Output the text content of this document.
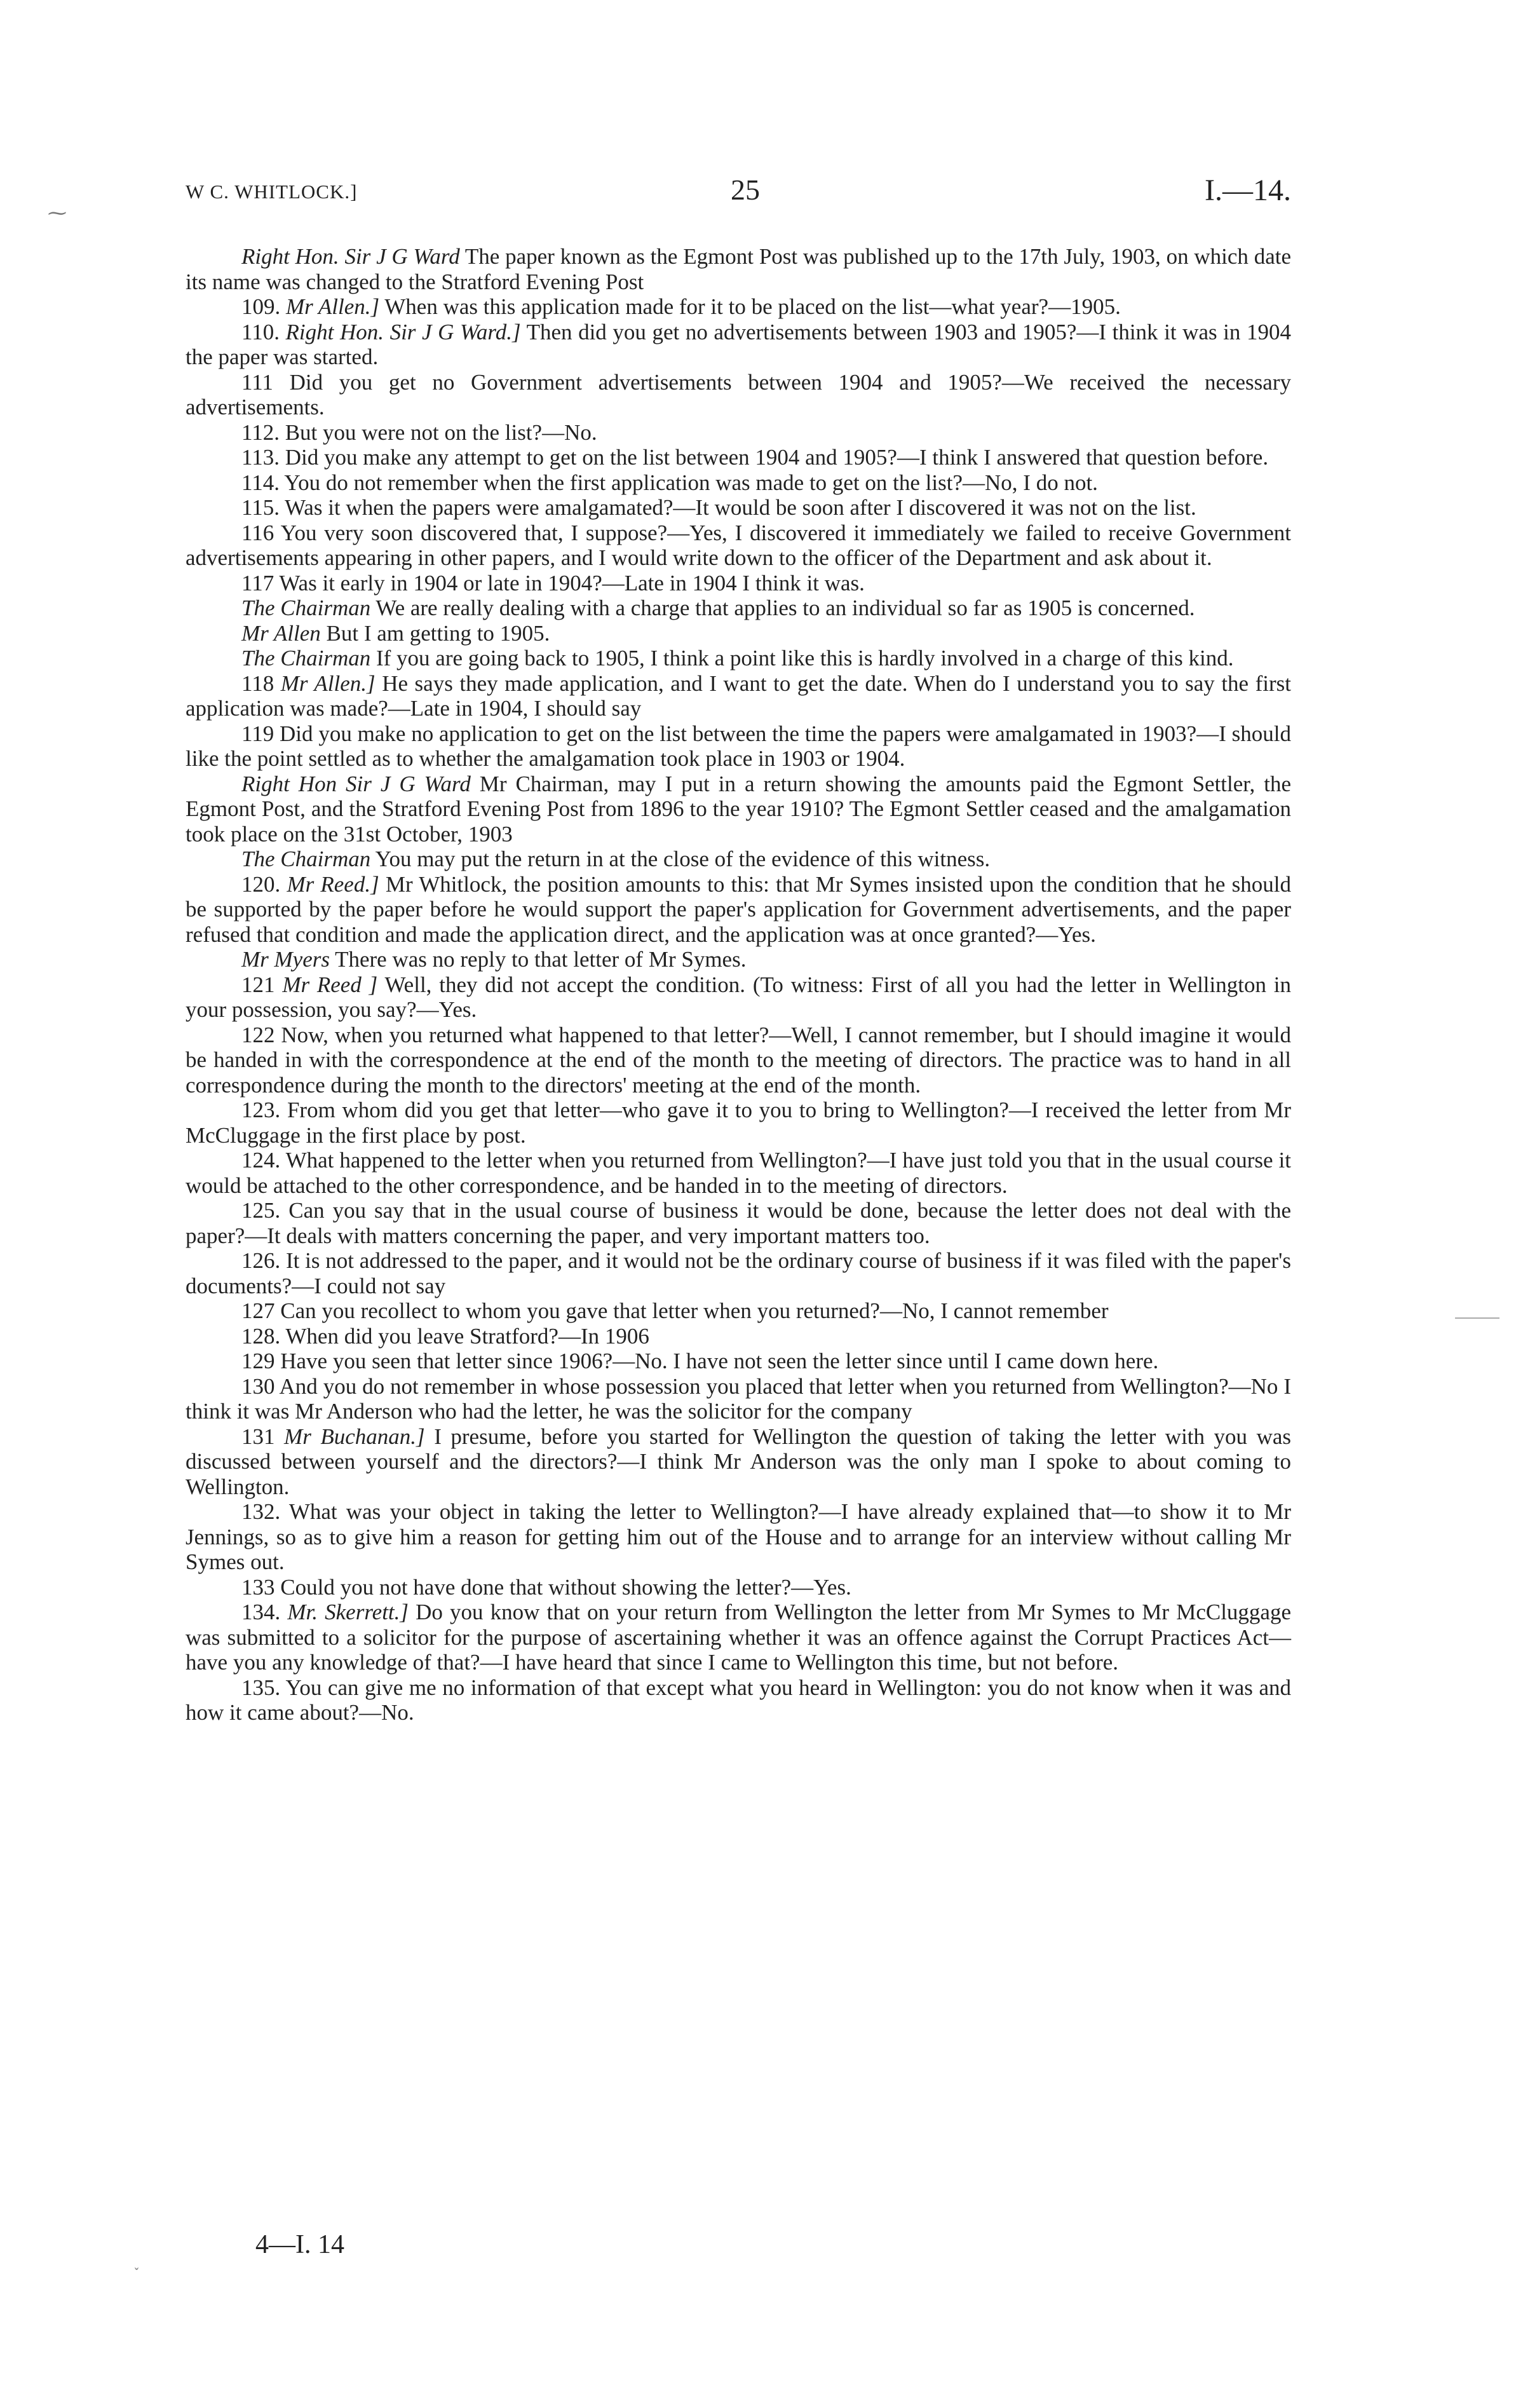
W C. WHITLOCK.]	25	I.—14.

Right Hon. Sir J G Ward The paper known as the Egmont Post was published up to the 17th July, 1903, on which date its name was changed to the Stratford Evening Post

109. Mr Allen.] When was this application made for it to be placed on the list—what year?—1905.

110. Right Hon. Sir J G Ward.] Then did you get no advertisements between 1903 and 1905?—I think it was in 1904 the paper was started.

111 Did you get no Government advertisements between 1904 and 1905?—We received the necessary advertisements.

112. But you were not on the list?—No.

113. Did you make any attempt to get on the list between 1904 and 1905?—I think I answered that question before.

114. You do not remember when the first application was made to get on the list?—No, I do not.

115. Was it when the papers were amalgamated?—It would be soon after I discovered it was not on the list.

116 You very soon discovered that, I suppose?—Yes, I discovered it immediately we failed to receive Government advertisements appearing in other papers, and I would write down to the officer of the Department and ask about it.

117 Was it early in 1904 or late in 1904?—Late in 1904 I think it was.

The Chairman We are really dealing with a charge that applies to an individual so far as 1905 is concerned.

Mr Allen But I am getting to 1905.

The Chairman If you are going back to 1905, I think a point like this is hardly involved in a charge of this kind.

118 Mr Allen.] He says they made application, and I want to get the date. When do I understand you to say the first application was made?—Late in 1904, I should say

119 Did you make no application to get on the list between the time the papers were amalgamated in 1903?—I should like the point settled as to whether the amalgamation took place in 1903 or 1904.

Right Hon Sir J G Ward Mr Chairman, may I put in a return showing the amounts paid the Egmont Settler, the Egmont Post, and the Stratford Evening Post from 1896 to the year 1910? The Egmont Settler ceased and the amalgamation took place on the 31st October, 1903

The Chairman You may put the return in at the close of the evidence of this witness.

120. Mr Reed.] Mr Whitlock, the position amounts to this: that Mr Symes insisted upon the condition that he should be supported by the paper before he would support the paper's application for Government advertisements, and the paper refused that condition and made the application direct, and the application was at once granted?—Yes.

Mr Myers There was no reply to that letter of Mr Symes.

121 Mr Reed ] Well, they did not accept the condition. (To witness: First of all you had the letter in Wellington in your possession, you say?—Yes.

122 Now, when you returned what happened to that letter?—Well, I cannot remember, but I should imagine it would be handed in with the correspondence at the end of the month to the meeting of directors. The practice was to hand in all correspondence during the month to the directors' meeting at the end of the month.

123. From whom did you get that letter—who gave it to you to bring to Wellington?—I received the letter from Mr McCluggage in the first place by post.

124. What happened to the letter when you returned from Wellington?—I have just told you that in the usual course it would be attached to the other correspondence, and be handed in to the meeting of directors.

125. Can you say that in the usual course of business it would be done, because the letter does not deal with the paper?—It deals with matters concerning the paper, and very important matters too.

126. It is not addressed to the paper, and it would not be the ordinary course of business if it was filed with the paper's documents?—I could not say

127 Can you recollect to whom you gave that letter when you returned?—No, I cannot remember

128. When did you leave Stratford?—In 1906

129 Have you seen that letter since 1906?—No. I have not seen the letter since until I came down here.

130 And you do not remember in whose possession you placed that letter when you returned from Wellington?—No I think it was Mr Anderson who had the letter, he was the solicitor for the company

131 Mr Buchanan.] I presume, before you started for Wellington the question of taking the letter with you was discussed between yourself and the directors?—I think Mr Anderson was the only man I spoke to about coming to Wellington.

132. What was your object in taking the letter to Wellington?—I have already explained that—to show it to Mr Jennings, so as to give him a reason for getting him out of the House and to arrange for an interview without calling Mr Symes out.

133 Could you not have done that without showing the letter?—Yes.

134. Mr. Skerrett.] Do you know that on your return from Wellington the letter from Mr Symes to Mr McCluggage was submitted to a solicitor for the purpose of ascertaining whether it was an offence against the Corrupt Practices Act—have you any knowledge of that?—I have heard that since I came to Wellington this time, but not before.

135. You can give me no information of that except what you heard in Wellington: you do not know when it was and how it came about?—No.

4—I. 14
⁓
˯
